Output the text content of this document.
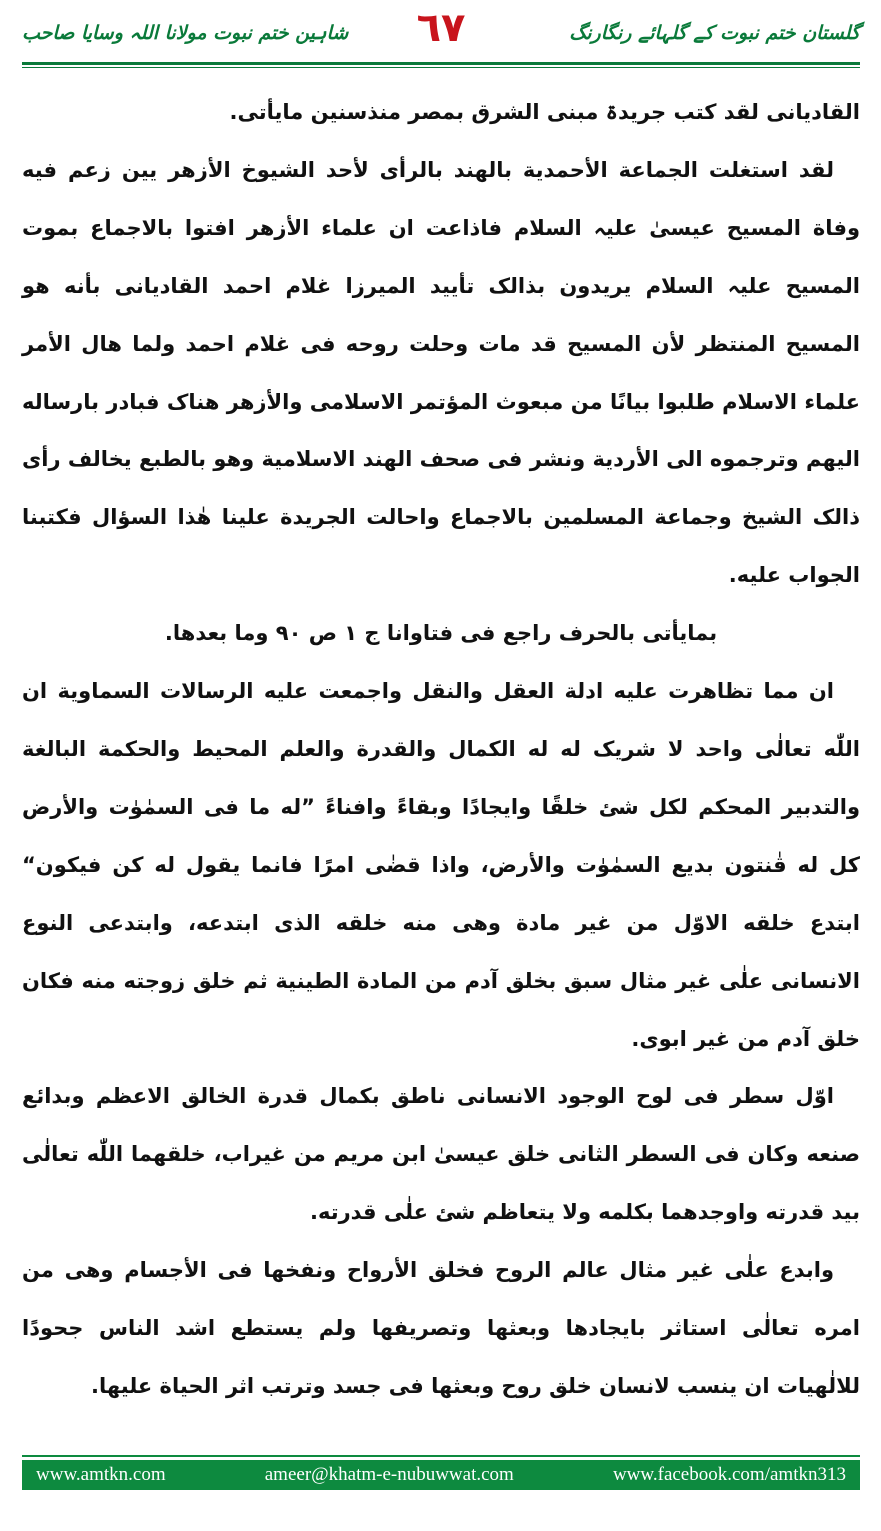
گلستان ختم نبوت کے گلہائے رنگارنگ
٦٧
شاہین ختم نبوت مولانا اللہ وسایا صاحب

القادیانی لقد کتب جریدۃ مبنی الشرق بمصر منذسنین مایأتی.

لقد استغلت الجماعة الأحمدية بالهند بالرأی لأحد الشيوخ الأزهر يين زعم فيه وفاة المسيح عيسىٰ علیہ السلام فاذاعت ان علماء الأزهر افتوا بالاجماع بموت المسيح علیہ السلام يريدون بذالک تأييد الميرزا غلام احمد القاديانی بأنه هو المسيح المنتظر لأن المسيح قد مات وحلت روحه فی غلام احمد ولما هال الأمر علماء الاسلام طلبوا بيانًا من مبعوث المؤتمر الاسلامی والأزهر هناک فبادر بارساله اليهم وترجموه الی الأردية ونشر فی صحف الهند الاسلامية وهو بالطبع يخالف رأی ذالک الشيخ وجماعة المسلمين بالاجماع واحالت الجريدة علينا هٰذا السؤال فكتبنا الجواب عليه.

بمايأتی بالحرف راجع فی فتاوانا ج ١ ص ٩٠ وما بعدها.

ان مما تظاهرت عليه ادلة العقل والنقل واجمعت عليه الرسالات السماوية ان اللّٰه تعالٰی واحد لا شريک له له الكمال والقدرة والعلم المحيط والحكمة البالغة والتدبير المحكم لكل شئ خلقًا وايجادًا وبقاءً وافناءً ”له ما فی السمٰوٰت والأرض كل له قٰنتون بديع السمٰوٰت والأرض، واذا قضٰی امرًا فانما يقول له كن فيكون“ ابتدع خلقه الاوّل من غير مادة وهی منه خلقه الذی ابتدعه، وابتدعی النوع الانسانی علٰی غير مثال سبق بخلق آدم من المادة الطينية ثم خلق زوجته منه فكان خلق آدم من غير ابوی.

اوّل سطر فی لوح الوجود الانسانی ناطق بكمال قدرة الخالق الاعظم وبدائع صنعه وكان فی السطر الثانی خلق عيسىٰ ابن مريم من غيراب، خلقهما اللّٰه تعالٰی بيد قدرته واوجدهما بكلمه ولا يتعاظم شئ علٰی قدرته.

وابدع علٰی غير مثال عالم الروح فخلق الأرواح ونفخها فی الأجسام وهی من امره تعالٰی استاثر بايجادها وبعثها وتصريفها ولم يستطع اشد الناس جحودًا للالٰهيات ان ينسب لانسان خلق روح وبعثها فی جسد وترتب اثر الحياة عليها.

www.amtkn.com	ameer@khatm-e-nubuwwat.com	www.facebook.com/amtkn313
